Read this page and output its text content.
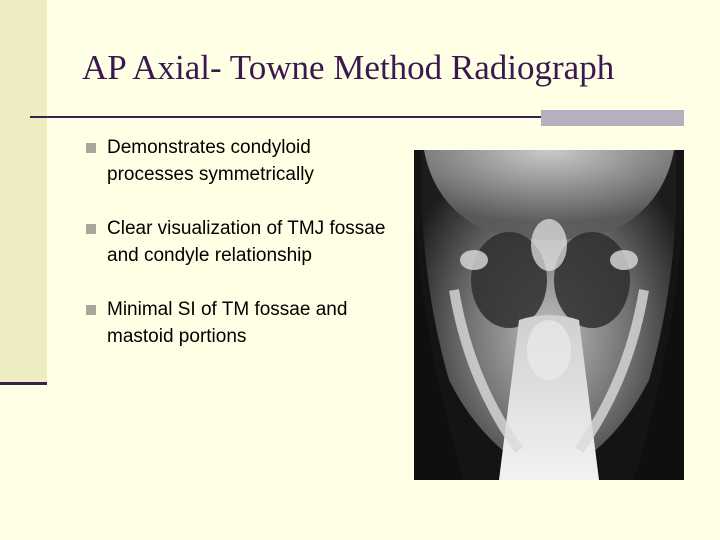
AP Axial- Towne Method Radiograph
Demonstrates condyloid processes symmetrically
Clear visualization of TMJ fossae and condyle relationship
Minimal SI of TM fossae and mastoid portions
